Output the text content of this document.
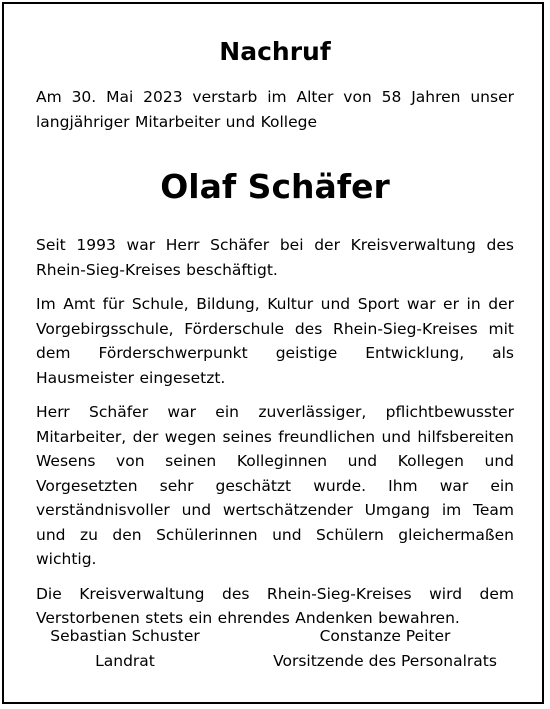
Nachruf

Am 30. Mai 2023 verstarb im Alter von 58 Jahren unser langjähriger Mitarbeiter und Kollege

Olaf Schäfer

Seit 1993 war Herr Schäfer bei der Kreisverwaltung des Rhein-Sieg-Kreises beschäftigt.

Im Amt für Schule, Bildung, Kultur und Sport war er in der Vorgebirgsschule, Förderschule des Rhein-Sieg-Kreises mit dem Förderschwerpunkt geistige Entwicklung, als Hausmeister eingesetzt.

Herr Schäfer war ein zuverlässiger, pflichtbewusster Mitarbeiter, der wegen seines freundlichen und hilfsbereiten Wesens von seinen Kolleginnen und Kollegen und Vorgesetzten sehr geschätzt wurde. Ihm war ein verständnisvoller und wertschätzender Umgang im Team und zu den Schülerinnen und Schülern gleichermaßen wichtig.

Die Kreisverwaltung des Rhein-Sieg-Kreises wird dem Verstorbenen stets ein ehrendes Andenken bewahren.

Sebastian Schuster
Landrat
Constanze Peiter
Vorsitzende des Personalrats
